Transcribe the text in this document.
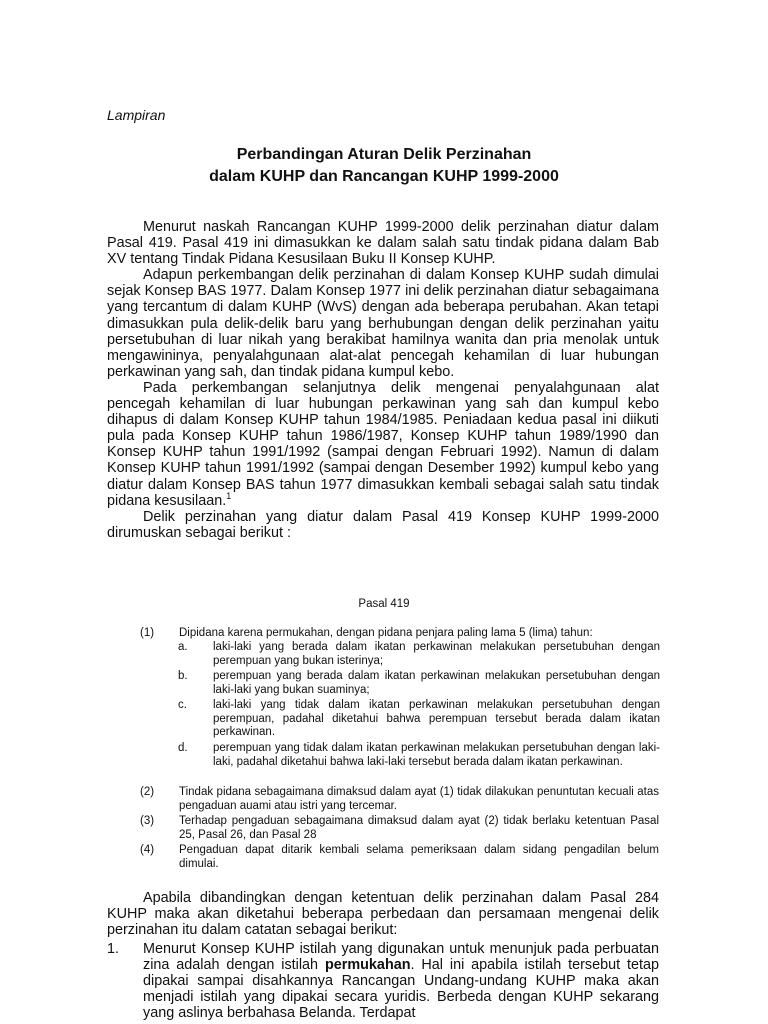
Lampiran
Perbandingan Aturan Delik Perzinahan
dalam KUHP dan Rancangan KUHP 1999-2000

Menurut naskah Rancangan KUHP 1999-2000 delik perzinahan diatur dalam Pasal 419. Pasal 419 ini dimasukkan ke dalam salah satu tindak pidana dalam Bab XV tentang Tindak Pidana Kesusilaan Buku II Konsep KUHP.

Adapun perkembangan delik perzinahan di dalam Konsep KUHP sudah dimulai sejak Konsep BAS 1977. Dalam Konsep 1977 ini delik perzinahan diatur sebagaimana yang tercantum di dalam KUHP (WvS) dengan ada beberapa perubahan. Akan tetapi dimasukkan pula delik-delik baru yang berhubungan dengan delik perzinahan yaitu persetubuhan di luar nikah yang berakibat hamilnya wanita dan pria menolak untuk mengawininya, penyalahgunaan alat-alat pencegah kehamilan di luar hubungan perkawinan yang sah, dan tindak pidana kumpul kebo.

Pada perkembangan selanjutnya delik mengenai penyalahgunaan alat pencegah kehamilan di luar hubungan perkawinan yang sah dan kumpul kebo dihapus di dalam Konsep KUHP tahun 1984/1985. Peniadaan kedua pasal ini diikuti pula pada Konsep KUHP tahun 1986/1987, Konsep KUHP tahun 1989/1990 dan Konsep KUHP tahun 1991/1992 (sampai dengan Februari 1992). Namun di dalam Konsep KUHP tahun 1991/1992 (sampai dengan Desember 1992) kumpul kebo yang diatur dalam Konsep BAS tahun 1977 dimasukkan kembali sebagai salah satu tindak pidana kesusilaan.$^1$

Delik perzinahan yang diatur dalam Pasal 419 Konsep KUHP 1999-2000 dirumuskan sebagai berikut :

Pasal 419
(1) Dipidana karena permukahan, dengan pidana penjara paling lama 5 (lima) tahun:
a. laki-laki yang berada dalam ikatan perkawinan melakukan persetubuhan dengan perempuan yang bukan isterinya;
b. perempuan yang berada dalam ikatan perkawinan melakukan persetubuhan dengan laki-laki yang bukan suaminya;
c. laki-laki yang tidak dalam ikatan perkawinan melakukan persetubuhan dengan perempuan, padahal diketahui bahwa perempuan tersebut berada dalam ikatan perkawinan.
d. perempuan yang tidak dalam ikatan perkawinan melakukan persetubuhan dengan laki-laki, padahal diketahui bahwa laki-laki tersebut berada dalam ikatan perkawinan.
(2) Tindak pidana sebagaimana dimaksud dalam ayat (1) tidak dilakukan penuntutan kecuali atas pengaduan auami atau istri yang tercemar.
(3) Terhadap pengaduan sebagaimana dimaksud dalam ayat (2) tidak berlaku ketentuan Pasal 25, Pasal 26, dan Pasal 28
(4) Pengaduan dapat ditarik kembali selama pemeriksaan dalam sidang pengadilan belum dimulai.

Apabila dibandingkan dengan ketentuan delik perzinahan dalam Pasal 284 KUHP maka akan diketahui beberapa perbedaan dan persamaan mengenai delik perzinahan itu dalam catatan sebagai berikut:

1. Menurut Konsep KUHP istilah yang digunakan untuk menunjuk pada perbuatan zina adalah dengan istilah permukahan. Hal ini apabila istilah tersebut tetap dipakai sampai disahkannya Rancangan Undang-undang KUHP maka akan menjadi istilah yang dipakai secara yuridis. Berbeda dengan KUHP sekarang yang aslinya berbahasa Belanda. Terdapat
